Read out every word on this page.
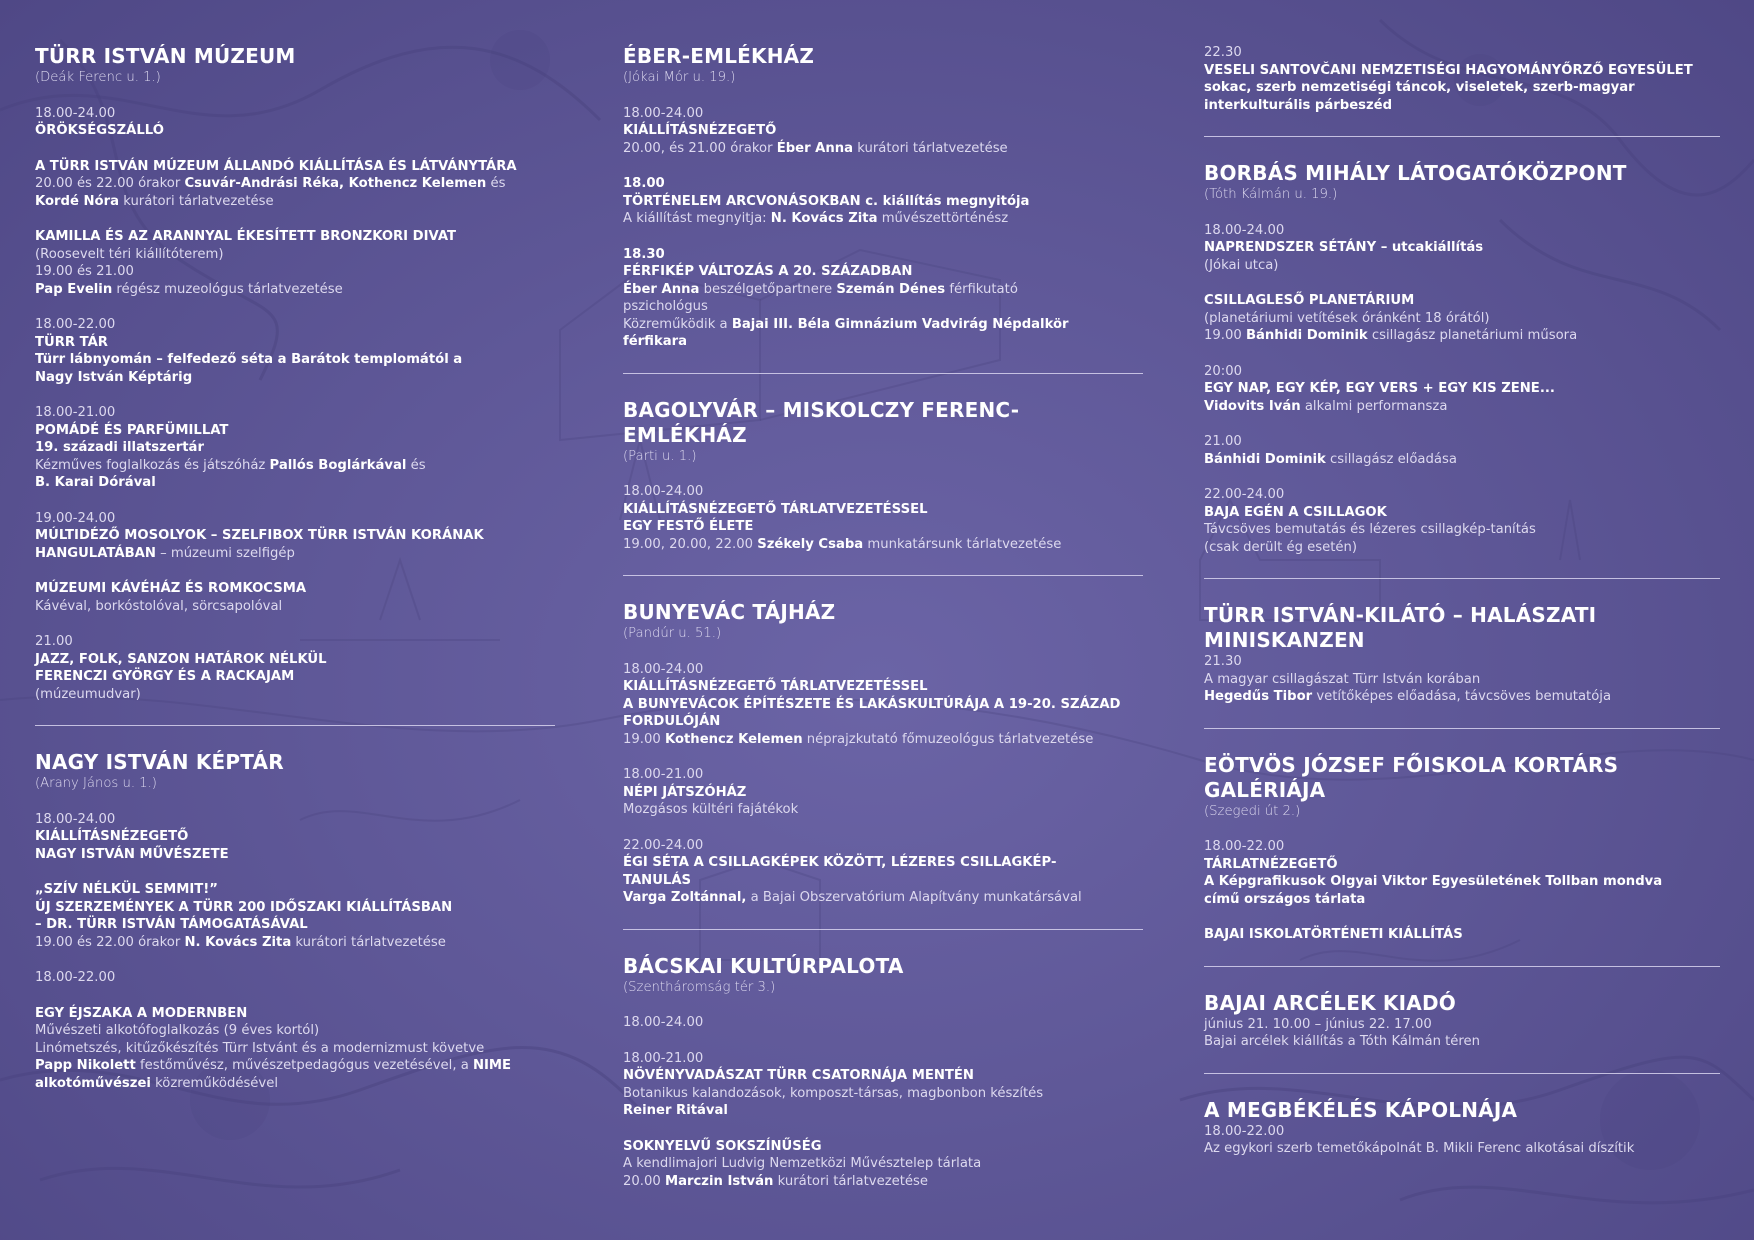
TÜRR ISTVÁN MÚZEUM
(Deák Ferenc u. 1.)
18.00-24.00
ÖRÖKSÉGSZÁLLÓ
A TÜRR ISTVÁN MÚZEUM ÁLLANDÓ KIÁLLÍTÁSA ÉS LÁTVÁNYTÁRA
20.00 és 22.00 órakor Csuvár-Andrási Réka, Kothencz Kelemen és
Kordé Nóra kurátori tárlatvezetése
KAMILLA ÉS AZ ARANNYAL ÉKESÍTETT BRONZKORI DIVAT
(Roosevelt téri kiállítóterem)
19.00 és 21.00
Pap Evelin régész muzeológus tárlatvezetése
18.00-22.00
TÜRR TÁR
Türr lábnyomán – felfedező séta a Barátok templomától a
Nagy István Képtárig
18.00-21.00
POMÁDÉ ÉS PARFÜMILLAT
19. századi illatszertár
Kézműves foglalkozás és játszóház Pallós Boglárkával és
B. Karai Dórával
19.00-24.00
MÚLTIDÉZŐ MOSOLYOK – SZELFIBOX TÜRR ISTVÁN KORÁNAK
HANGULATÁBAN – múzeumi szelfigép
MÚZEUMI KÁVÉHÁZ ÉS ROMKOCSMA
Kávéval, borkóstolóval, sörcsapolóval
21.00
JAZZ, FOLK, SANZON HATÁROK NÉLKÜL
FERENCZI GYÖRGY ÉS A RACKAJAM
(múzeumudvar)
NAGY ISTVÁN KÉPTÁR
(Arany János u. 1.)
18.00-24.00
KIÁLLÍTÁSNÉZEGETŐ
NAGY ISTVÁN MŰVÉSZETE
„SZÍV NÉLKÜL SEMMIT!”
ÚJ SZERZEMÉNYEK A TÜRR 200 IDŐSZAKI KIÁLLÍTÁSBAN
– DR. TÜRR ISTVÁN TÁMOGATÁSÁVAL
19.00 és 22.00 órakor N. Kovács Zita kurátori tárlatvezetése
18.00-22.00
EGY ÉJSZAKA A MODERNBEN
Művészeti alkotófoglalkozás (9 éves kortól)
Linómetszés, kitűzőkészítés Türr Istvánt és a modernizmust követve
Papp Nikolett festőművész, művészetpedagógus vezetésével, a NIME
alkotóművészei közreműködésével
ÉBER-EMLÉKHÁZ
(Jókai Mór u. 19.)
18.00-24.00
KIÁLLÍTÁSNÉZEGETŐ
20.00, és 21.00 órakor Éber Anna kurátori tárlatvezetése
18.00
TÖRTÉNELEM ARCVONÁSOKBAN c. kiállítás megnyitója
A kiállítást megnyitja: N. Kovács Zita művészettörténész
18.30
FÉRFIKÉP VÁLTOZÁS A 20. SZÁZADBAN
Éber Anna beszélgetőpartnere Szemán Dénes férfikutató
pszichológus
Közreműködik a Bajai III. Béla Gimnázium Vadvirág Népdalkör
férfikara
BAGOLYVÁR – MISKOLCZY FERENC-EMLÉKHÁZ
(Parti u. 1.)
18.00-24.00
KIÁLLÍTÁSNÉZEGETŐ TÁRLATVEZETÉSSEL
EGY FESTŐ ÉLETE
19.00, 20.00, 22.00 Székely Csaba munkatársunk tárlatvezetése
BUNYEVÁC TÁJHÁZ
(Pandúr u. 51.)
18.00-24.00
KIÁLLÍTÁSNÉZEGETŐ TÁRLATVEZETÉSSEL
A BUNYEVÁCOK ÉPÍTÉSZETE ÉS LAKÁSKULTÚRÁJA A 19-20. SZÁZAD
FORDULÓJÁN
19.00 Kothencz Kelemen néprajzkutató főmuzeológus tárlatvezetése
18.00-21.00
NÉPI JÁTSZÓHÁZ
Mozgásos kültéri fajátékok
22.00-24.00
ÉGI SÉTA A CSILLAGKÉPEK KÖZÖTT, LÉZERES CSILLAGKÉP-
TANULÁS
Varga Zoltánnal, a Bajai Obszervatórium Alapítvány munkatársával
BÁCSKAI KULTÚRPALOTA
(Szentháromság tér 3.)
18.00-24.00
18.00-21.00
NÖVÉNYVADÁSZAT TÜRR CSATORNÁJA MENTÉN
Botanikus kalandozások, komposzt-társas, magbonbon készítés
Reiner Ritával
SOKNYELVŰ SOKSZÍNŰSÉG
A kendlimajori Ludvig Nemzetközi Művésztelep tárlata
20.00 Marczin István kurátori tárlatvezetése
22.30
VESELI SANTOVČANI NEMZETISÉGI HAGYOMÁNYŐRZŐ EGYESÜLET
sokac, szerb nemzetiségi táncok, viseletek, szerb-magyar
interkulturális párbeszéd
BORBÁS MIHÁLY LÁTOGATÓKÖZPONT
(Tóth Kálmán u. 19.)
18.00-24.00
NAPRENDSZER SÉTÁNY – utcakiállítás
(Jókai utca)
CSILLAGLESŐ PLANETÁRIUM
(planetáriumi vetítések óránként 18 órától)
19.00 Bánhidi Dominik csillagász planetáriumi műsora
20:00
EGY NAP, EGY KÉP, EGY VERS + EGY KIS ZENE...
Vidovits Iván alkalmi performansza
21.00
Bánhidi Dominik csillagász előadása
22.00-24.00
BAJA EGÉN A CSILLAGOK
Távcsöves bemutatás és lézeres csillagkép-tanítás
(csak derült ég esetén)
TÜRR ISTVÁN-KILÁTÓ – HALÁSZATI MINISKANZEN
21.30
A magyar csillagászat Türr István korában
Hegedűs Tibor vetítőképes előadása, távcsöves bemutatója
EÖTVÖS JÓZSEF FŐISKOLA KORTÁRS GALÉRIÁJA
(Szegedi út 2.)
18.00-22.00
TÁRLATNÉZEGETŐ
A Képgrafikusok Olgyai Viktor Egyesületének Tollban mondva
című országos tárlata
BAJAI ISKOLATÖRTÉNETI KIÁLLÍTÁS
BAJAI ARCÉLEK KIADÓ
június 21. 10.00 – június 22. 17.00
Bajai arcélek kiállítás a Tóth Kálmán téren
A MEGBÉKÉLÉS KÁPOLNÁJA
18.00-22.00
Az egykori szerb temetőkápolnát B. Mikli Ferenc alkotásai díszítik
